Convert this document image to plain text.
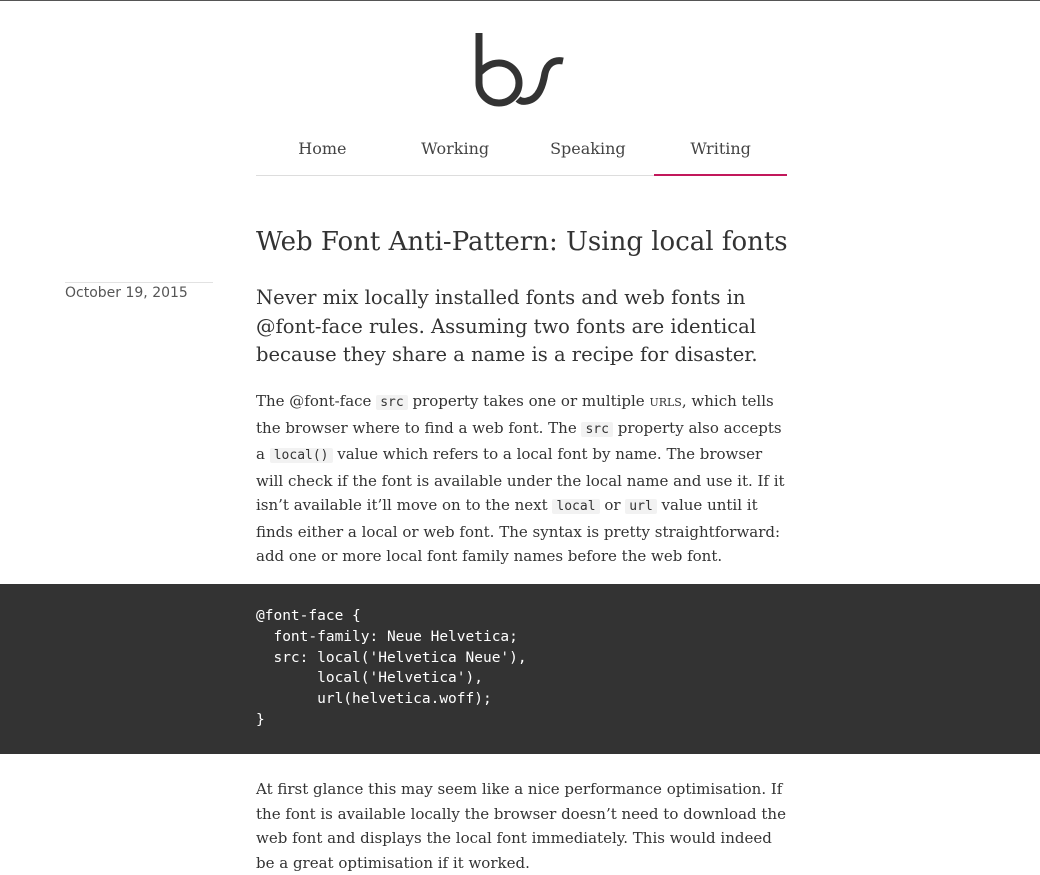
Home	Working	Speaking	Writing
Web Font Anti-Pattern: Using local fonts
October 19, 2015	Never mix locally installed fonts and web fonts in @font-face rules. Assuming two fonts are identical because they share a name is a recipe for disaster.

The @font-face src property takes one or multiple urls, which tells the browser where to find a web font. The src property also accepts a local() value which refers to a local font by name. The browser will check if the font is available under the local name and use it. If it isn’t available it’ll move on to the next local or url value until it finds either a local or web font. The syntax is pretty straightforward: add one or more local font family names before the web font.

@font-face {
font-family: Neue Helvetica;
src: local('Helvetica Neue'),
local('Helvetica'),
url(helvetica.woff);
}

At first glance this may seem like a nice performance optimisation. If the font is available locally the browser doesn’t need to download the web font and displays the local font immediately. This would indeed be a great optimisation if it worked.
